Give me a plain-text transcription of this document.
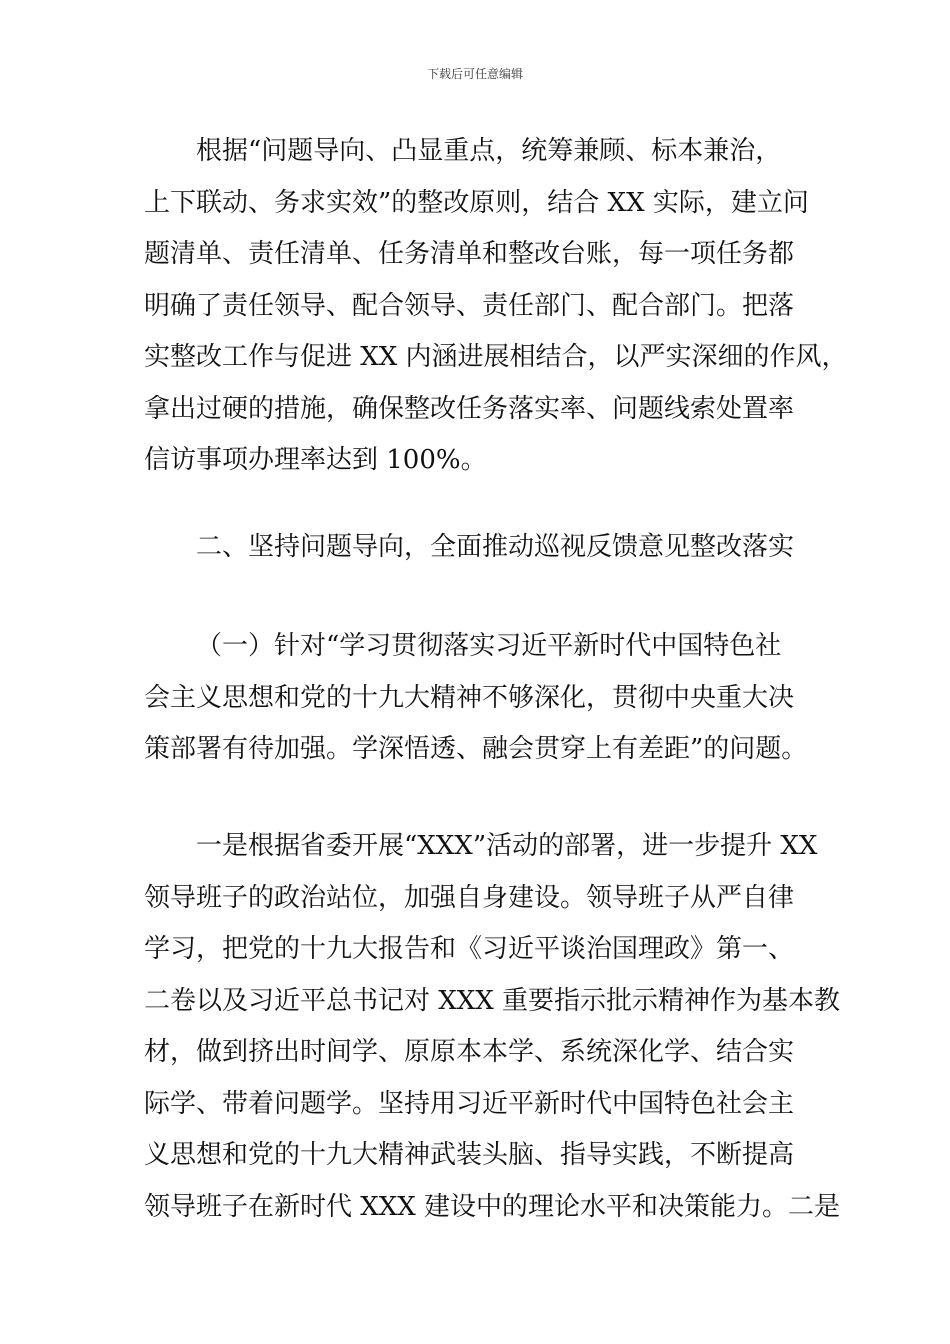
下载后可任意编辑
根据“问题导向、凸显重点，统筹兼顾、标本兼治，
上下联动、务求实效”的整改原则，结合 XX 实际，建立问
题清单、责任清单、任务清单和整改台账，每一项任务都
明确了责任领导、配合领导、责任部门、配合部门。把落
实整改工作与促进 XX 内涵进展相结合，以严实深细的作风，
拿出过硬的措施，确保整改任务落实率、问题线索处置率
信访事项办理率达到 100%。
二、坚持问题导向，全面推动巡视反馈意见整改落实
（一）针对“学习贯彻落实习近平新时代中国特色社
会主义思想和党的十九大精神不够深化，贯彻中央重大决
策部署有待加强。学深悟透、融会贯穿上有差距”的问题。
一是根据省委开展“XXX”活动的部署，进一步提升 XX
领导班子的政治站位，加强自身建设。领导班子从严自律
学习，把党的十九大报告和《习近平谈治国理政》第一、
二卷以及习近平总书记对 XXX 重要指示批示精神作为基本教
材，做到挤出时间学、原原本本学、系统深化学、结合实
际学、带着问题学。坚持用习近平新时代中国特色社会主
义思想和党的十九大精神武装头脑、指导实践，不断提高
领导班子在新时代 XXX 建设中的理论水平和决策能力。二是
